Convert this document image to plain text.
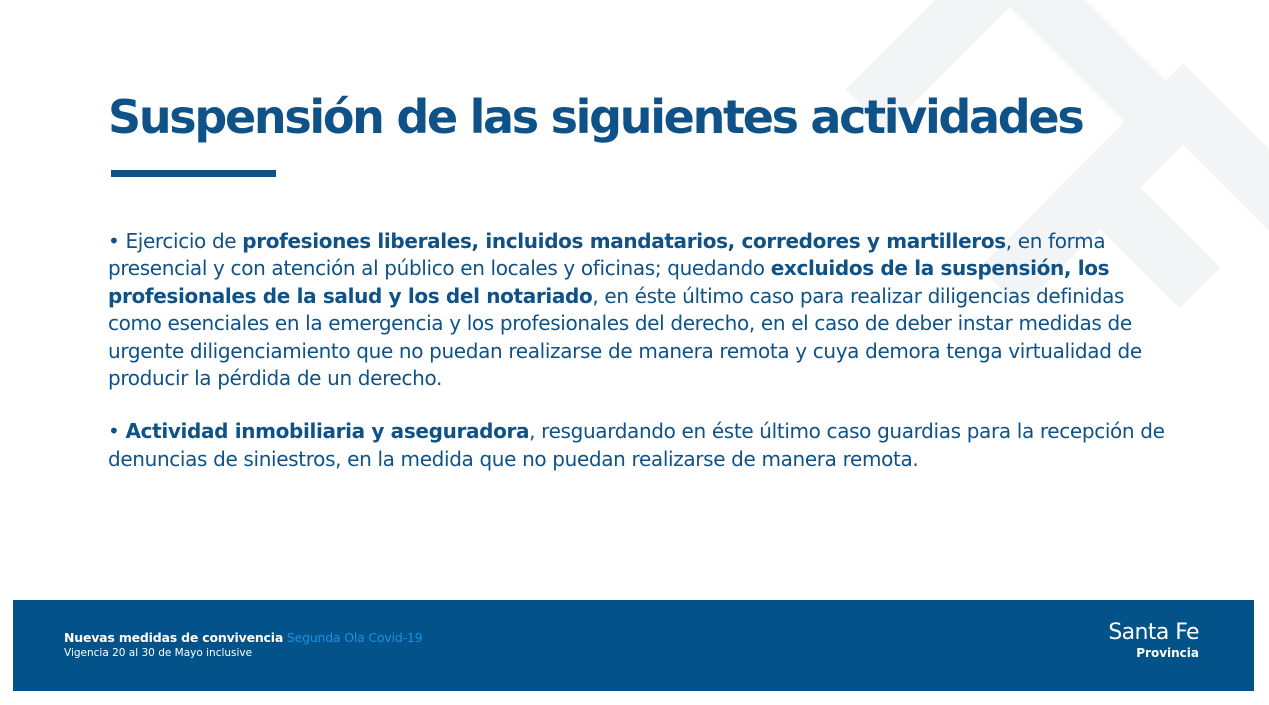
Suspensión de las siguientes actividades

• Ejercicio de profesiones liberales, incluidos mandatarios, corredores y martilleros, en forma presencial y con atención al público en locales y oficinas; quedando excluidos de la suspensión, los profesionales de la salud y los del notariado, en éste último caso para realizar diligencias definidas como esenciales en la emergencia y los profesionales del derecho, en el caso de deber instar medidas de urgente diligenciamiento que no puedan realizarse de manera remota y cuya demora tenga virtualidad de producir la pérdida de un derecho.

• Actividad inmobiliaria y aseguradora, resguardando en éste último caso guardias para la recepción de denuncias de siniestros, en la medida que no puedan realizarse de manera remota.

Nuevas medidas de convivencia Segunda Ola Covid-19
Vigencia 20 al 30 de Mayo inclusive
Santa Fe
Provincia
